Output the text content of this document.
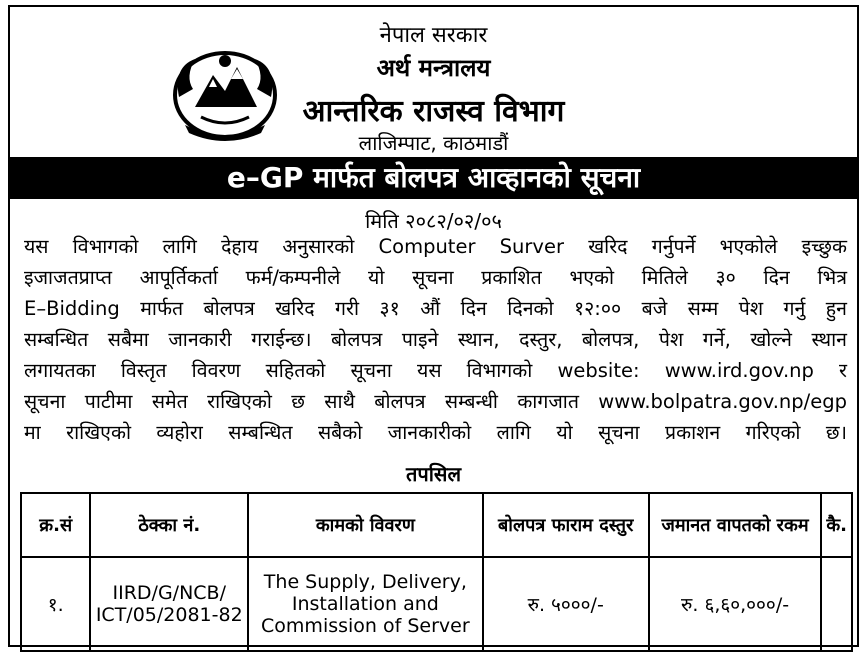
नेपाल सरकार
अर्थ मन्त्रालय
आन्तरिक राजस्व विभाग
लाजिम्पाट, काठमाडौं
e–GP मार्फत बोलपत्र आव्हानको सूचना
मिति २०८२/०२/०५
यस विभागको लागि देहाय अनुसारको Computer Surver खरिद गर्नुपर्ने भएकोले इच्छुक
इजाजतप्राप्त आपूर्तिकर्ता फर्म/कम्पनीले यो सूचना प्रकाशित भएको मितिले ३० दिन भित्र
E–Bidding मार्फत बोलपत्र खरिद गरी ३१ औं दिन दिनको १२:०० बजे सम्म पेश गर्नु हुन
सम्बन्धित सबैमा जानकारी गराईन्छ। बोलपत्र पाइने स्थान, दस्तुर, बोलपत्र, पेश गर्ने, खोल्ने स्थान
लगायतका विस्तृत विवरण सहितको सूचना यस विभागको website: www.ird.gov.np र
सूचना पाटीमा समेत राखिएको छ साथै बोलपत्र सम्बन्धी कागजात www.bolpatra.gov.np/egp
मा राखिएको व्यहोरा सम्बन्धित सबैको जानकारीको लागि यो सूचना प्रकाशन गरिएको छ।
तपसिल
क्र.सं	ठेक्का नं.	कामको विवरण	बोलपत्र फाराम दस्तुर	जमानत वापतको रकम	कै.
१.	IIRD/G/NCB/ ICT/05/2081-82	The Supply, Delivery, Installation and Commission of Server	रु. ५०००/-	रु. ६,६०,०००/-	
